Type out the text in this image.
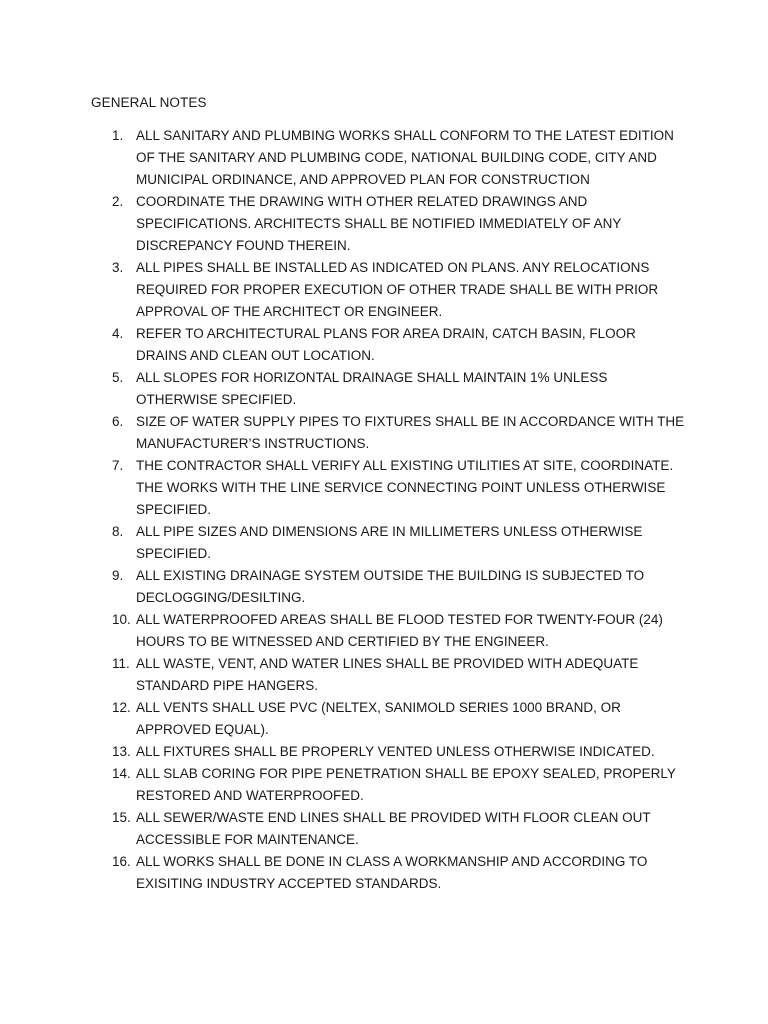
GENERAL NOTES
1. ALL SANITARY AND PLUMBING WORKS SHALL CONFORM TO THE LATEST EDITION
OF THE SANITARY AND PLUMBING CODE, NATIONAL BUILDING CODE, CITY AND
MUNICIPAL ORDINANCE, AND APPROVED PLAN FOR CONSTRUCTION
2. COORDINATE THE DRAWING WITH OTHER RELATED DRAWINGS AND
SPECIFICATIONS. ARCHITECTS SHALL BE NOTIFIED IMMEDIATELY OF ANY
DISCREPANCY FOUND THEREIN.
3. ALL PIPES SHALL BE INSTALLED AS INDICATED ON PLANS. ANY RELOCATIONS
REQUIRED FOR PROPER EXECUTION OF OTHER TRADE SHALL BE WITH PRIOR
APPROVAL OF THE ARCHITECT OR ENGINEER.
4. REFER TO ARCHITECTURAL PLANS FOR AREA DRAIN, CATCH BASIN, FLOOR
DRAINS AND CLEAN OUT LOCATION.
5. ALL SLOPES FOR HORIZONTAL DRAINAGE SHALL MAINTAIN 1% UNLESS
OTHERWISE SPECIFIED.
6. SIZE OF WATER SUPPLY PIPES TO FIXTURES SHALL BE IN ACCORDANCE WITH THE
MANUFACTURER’S INSTRUCTIONS.
7. THE CONTRACTOR SHALL VERIFY ALL EXISTING UTILITIES AT SITE, COORDINATE.
THE WORKS WITH THE LINE SERVICE CONNECTING POINT UNLESS OTHERWISE
SPECIFIED.
8. ALL PIPE SIZES AND DIMENSIONS ARE IN MILLIMETERS UNLESS OTHERWISE
SPECIFIED.
9. ALL EXISTING DRAINAGE SYSTEM OUTSIDE THE BUILDING IS SUBJECTED TO
DECLOGGING/DESILTING.
10. ALL WATERPROOFED AREAS SHALL BE FLOOD TESTED FOR TWENTY-FOUR (24)
HOURS TO BE WITNESSED AND CERTIFIED BY THE ENGINEER.
11. ALL WASTE, VENT, AND WATER LINES SHALL BE PROVIDED WITH ADEQUATE
STANDARD PIPE HANGERS.
12. ALL VENTS SHALL USE PVC (NELTEX, SANIMOLD SERIES 1000 BRAND, OR
APPROVED EQUAL).
13. ALL FIXTURES SHALL BE PROPERLY VENTED UNLESS OTHERWISE INDICATED.
14. ALL SLAB CORING FOR PIPE PENETRATION SHALL BE EPOXY SEALED, PROPERLY
RESTORED AND WATERPROOFED.
15. ALL SEWER/WASTE END LINES SHALL BE PROVIDED WITH FLOOR CLEAN OUT
ACCESSIBLE FOR MAINTENANCE.
16. ALL WORKS SHALL BE DONE IN CLASS A WORKMANSHIP AND ACCORDING TO
EXISITING INDUSTRY ACCEPTED STANDARDS.
